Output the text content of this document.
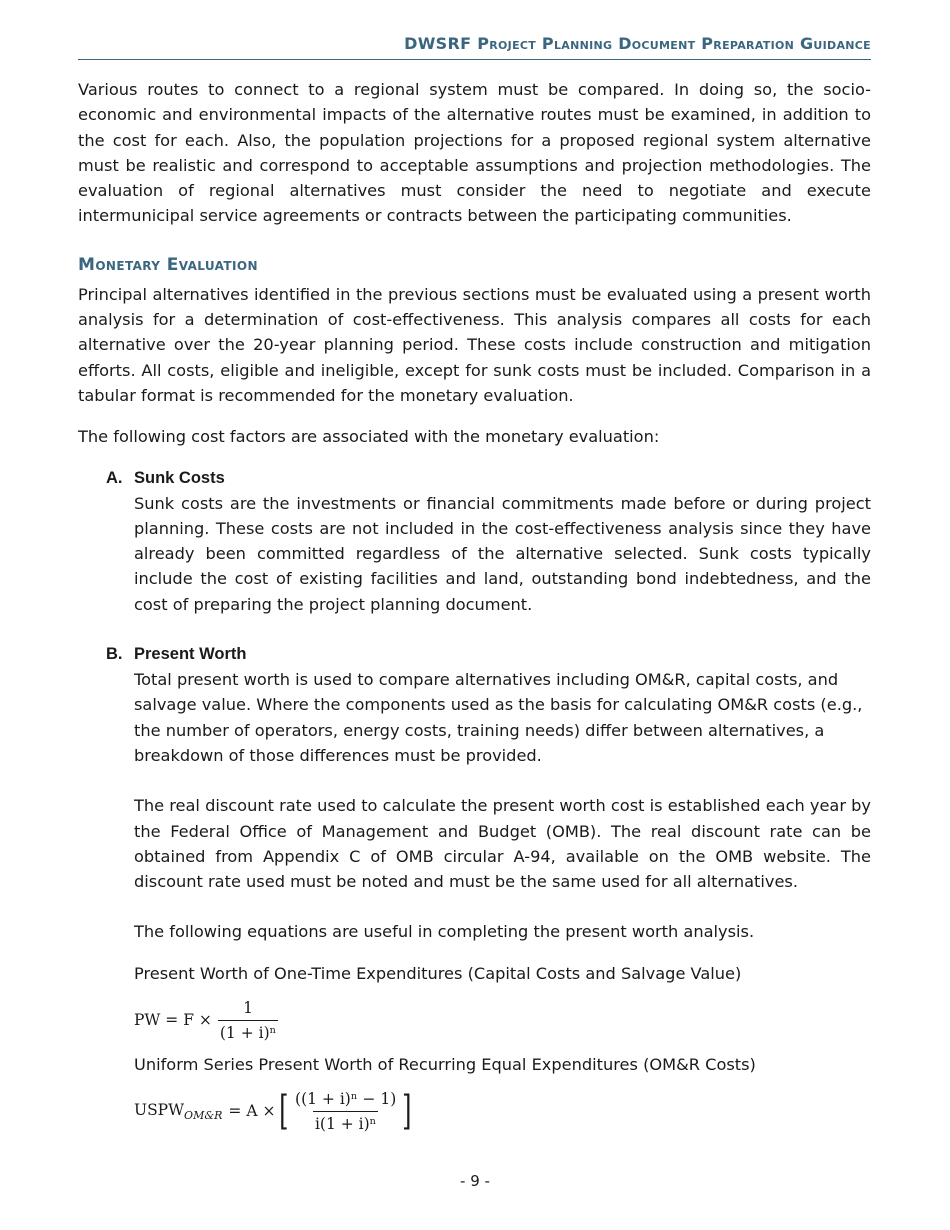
DWSRF Project Planning Document Preparation Guidance

Various routes to connect to a regional system must be compared. In doing so, the socio-economic and environmental impacts of the alternative routes must be examined, in addition to the cost for each. Also, the population projections for a proposed regional system alternative must be realistic and correspond to acceptable assumptions and projection methodologies. The evaluation of regional alternatives must consider the need to negotiate and execute intermunicipal service agreements or contracts between the participating communities.

Monetary Evaluation

Principal alternatives identified in the previous sections must be evaluated using a present worth analysis for a determination of cost-effectiveness. This analysis compares all costs for each alternative over the 20-year planning period. These costs include construction and mitigation efforts. All costs, eligible and ineligible, except for sunk costs must be included. Comparison in a tabular format is recommended for the monetary evaluation.

The following cost factors are associated with the monetary evaluation:

A. Sunk Costs

Sunk costs are the investments or financial commitments made before or during project planning. These costs are not included in the cost-effectiveness analysis since they have already been committed regardless of the alternative selected. Sunk costs typically include the cost of existing facilities and land, outstanding bond indebtedness, and the cost of preparing the project planning document.

B. Present Worth

Total present worth is used to compare alternatives including OM&R, capital costs, and salvage value. Where the components used as the basis for calculating OM&R costs (e.g., the number of operators, energy costs, training needs) differ between alternatives, a breakdown of those differences must be provided.

The real discount rate used to calculate the present worth cost is established each year by the Federal Office of Management and Budget (OMB). The real discount rate can be obtained from Appendix C of OMB circular A-94, available on the OMB website. The discount rate used must be noted and must be the same used for all alternatives.

The following equations are useful in completing the present worth analysis.

Present Worth of One-Time Expenditures (Capital Costs and Salvage Value)

PW = $F \times \frac{1}{\text{(1 + i)ⁿ}}$

Uniform Series Present Worth of Recurring Equal Expenditures (OM&R Costs)

$USPW_{OM\&R} = A$ × [ $\frac{\text{((1 + i)ⁿ − 1)}}{\text{i(1 + i)ⁿ}}$ ]
- 9 -
